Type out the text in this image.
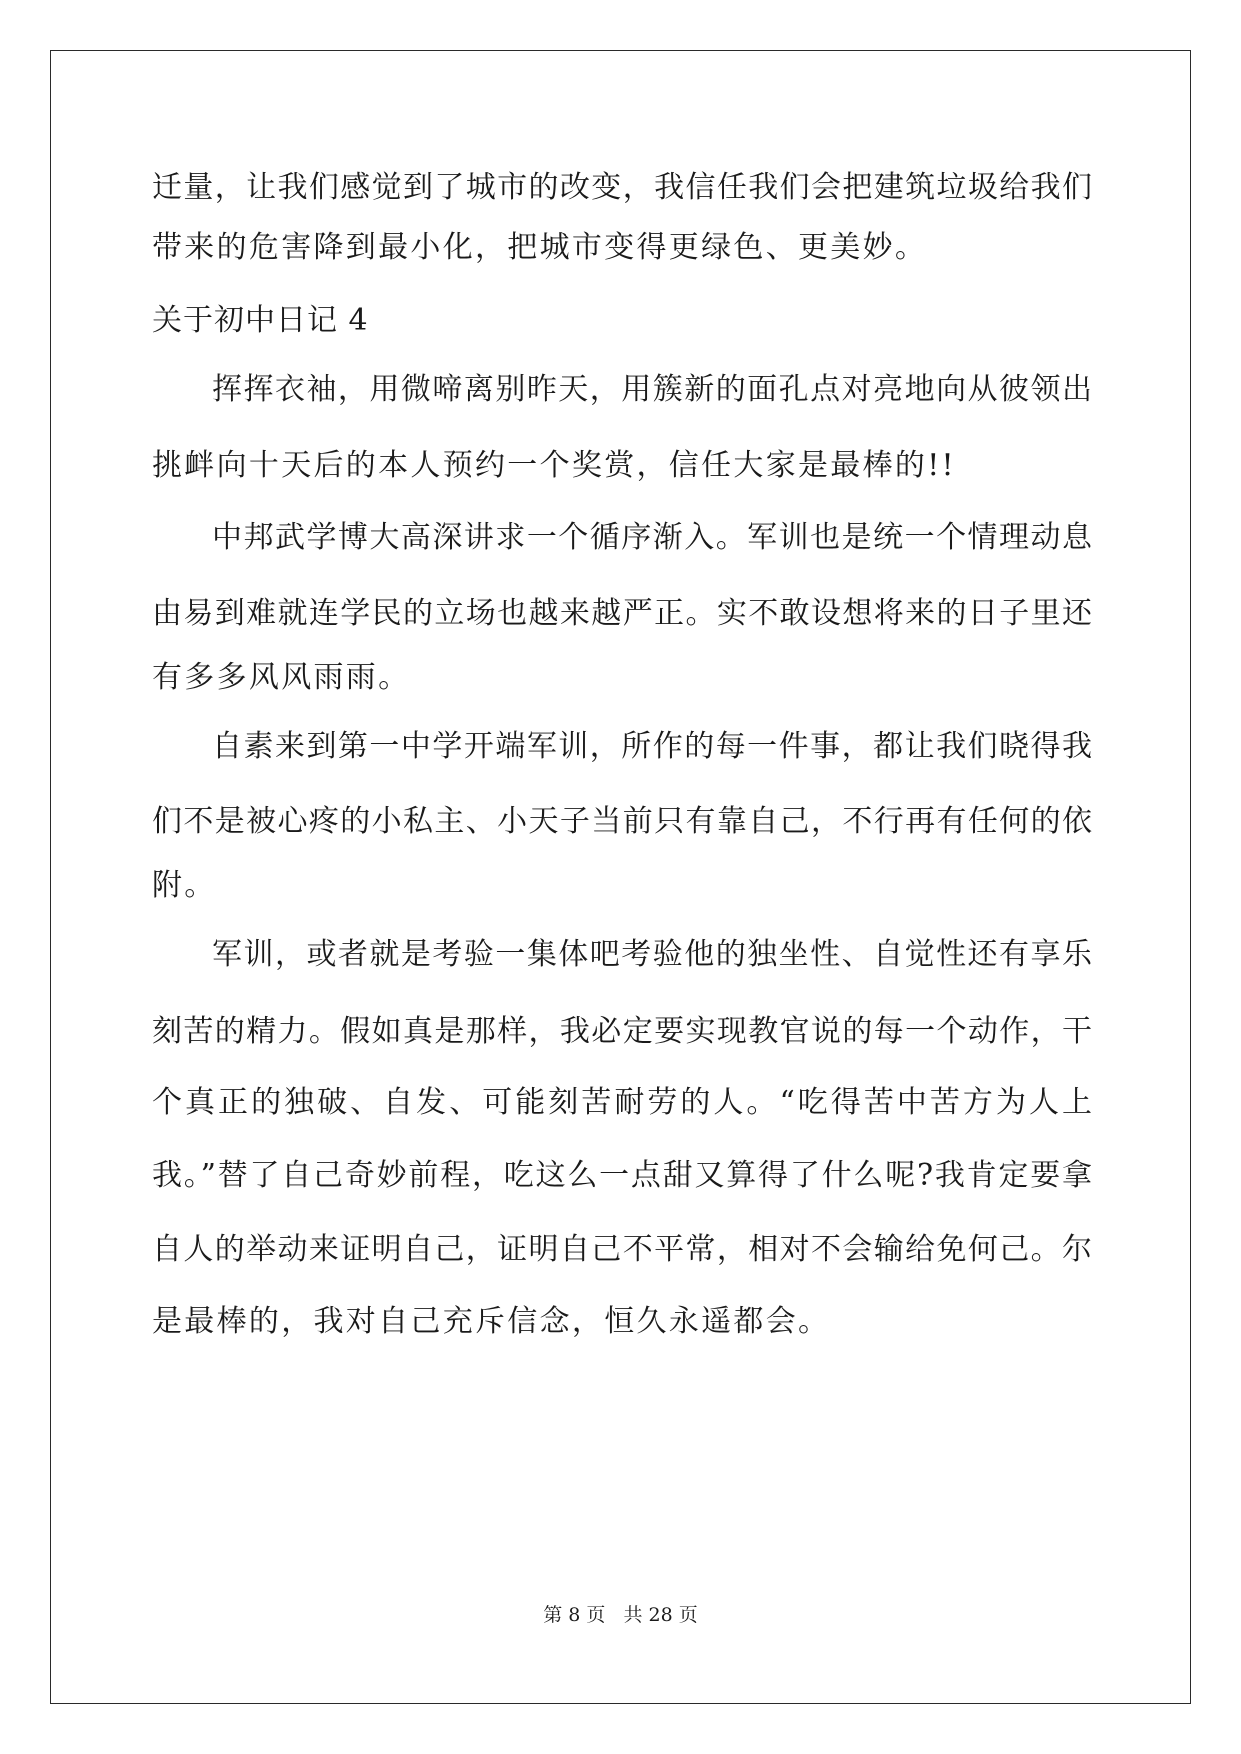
迁量，让我们感觉到了城市的改变，我信任我们会把建筑垃圾给我们
带来的危害降到最小化，把城市变得更绿色、更美妙。
关于初中日记 4
挥挥衣袖，用微啼离别昨天，用簇新的面孔点对亮地向从彼领出
挑衅向十天后的本人预约一个奖赏，信任大家是最棒的!!
中邦武学博大高深讲求一个循序渐入。军训也是统一个情理动息
由易到难就连学民的立场也越来越严正。实不敢设想将来的日子里还
有多多风风雨雨。
自素来到第一中学开端军训，所作的每一件事，都让我们晓得我
们不是被心疼的小私主、小天子当前只有靠自己，不行再有任何的依
附。
军训，或者就是考验一集体吧考验他的独坐性、自觉性还有享乐
刻苦的精力。假如真是那样，我必定要实现教官说的每一个动作，干
个真正的独破、自发、可能刻苦耐劳的人。“吃得苦中苦方为人上
我。”替了自己奇妙前程，吃这么一点甜又算得了什么呢?我肯定要拿
自人的举动来证明自己，证明自己不平常，相对不会输给免何己。尔
是最棒的，我对自己充斥信念，恒久永遥都会。
第 8 页   共 28 页
